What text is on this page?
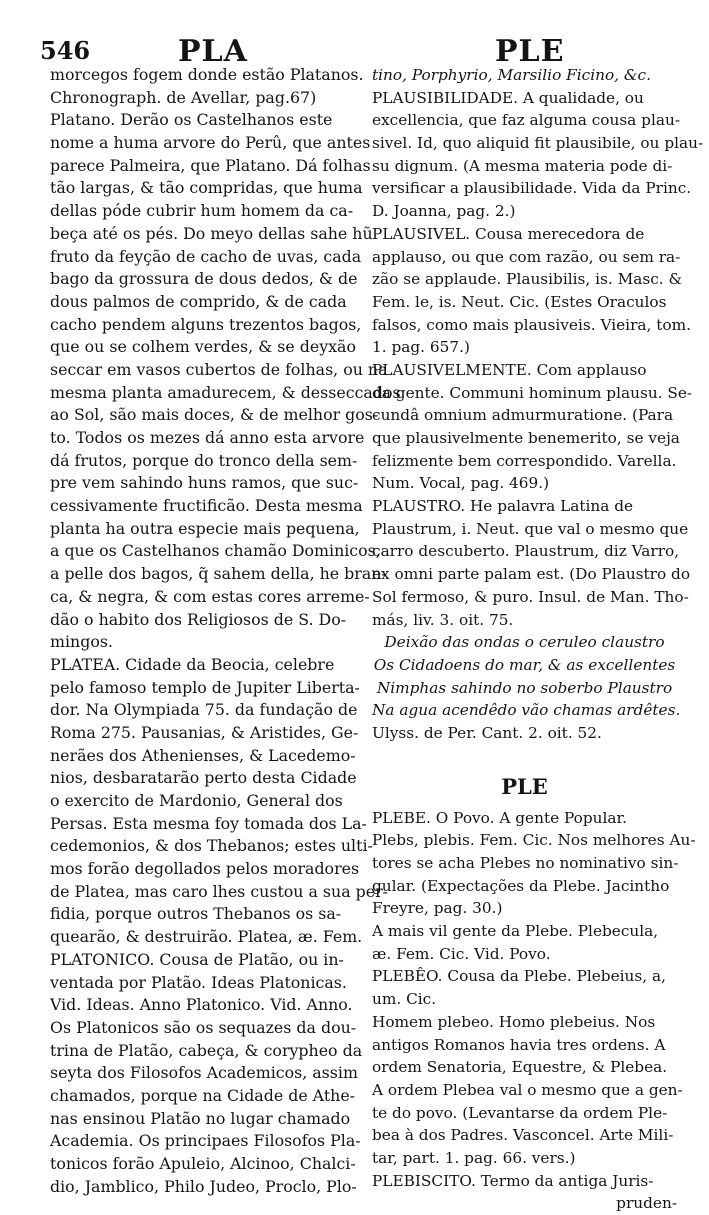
546	PLA	PLE
morcegos fogem donde estão Platanos.
Chronograph. de Avellar, pag.67)
Platano. Derão os Castelhanos este
nome a huma arvore do Perû, que antes
parece Palmeira, que Platano. Dá folhas
tão largas, & tão compridas, que huma
dellas póde cubrir hum homem da ca-
beça até os pés. Do meyo dellas sahe hũ
fruto da feyção de cacho de uvas, cada
bago da grossura de dous dedos, & de
dous palmos de comprido, & de cada
cacho pendem alguns trezentos bagos,
que ou se colhem verdes, & se deyxão
seccar em vasos cubertos de folhas, ou na
mesma planta amadurecem, & desseccados
ao Sol, são mais doces, & de melhor gos-
to. Todos os mezes dá anno esta arvore
dá frutos, porque do tronco della sem-
pre vem sahindo huns ramos, que suc-
cessivamente fructificão. Desta mesma
planta ha outra especie mais pequena,
a que os Castelhanos chamão Dominicos,
a pelle dos bagos, q̃ sahem della, he bran-
ca, & negra, & com estas cores arreme-
dão o habito dos Religiosos de S. Do-
mingos.
PLATEA. Cidade da Beocia, celebre
pelo famoso templo de Jupiter Liberta-
dor. Na Olympiada 75. da fundação de
Roma 275. Pausanias, & Aristides, Ge-
nerães dos Athenienses, & Lacedemo-
nios, desbaratarão perto desta Cidade
o exercito de Mardonio, General dos
Persas. Esta mesma foy tomada dos La-
cedemonios, & dos Thebanos; estes ulti-
mos forão degollados pelos moradores
de Platea, mas caro lhes custou a sua per-
fidia, porque outros Thebanos os sa-
quearão, & destruirão. Platea, æ. Fem.
PLATONICO. Cousa de Platão, ou in-
ventada por Platão. Ideas Platonicas.
Vid. Ideas. Anno Platonico. Vid. Anno.
Os Platonicos são os sequazes da dou-
trina de Platão, cabeça, & corypheo da
seyta dos Filosofos Academicos, assim
chamados, porque na Cidade de Athe-
nas ensinou Platão no lugar chamado
Academia. Os principaes Filosofos Pla-
tonicos forão Apuleio, Alcinoo, Chalci-
dio, Jamblico, Philo Judeo, Proclo, Plo-
tino, Porphyrio, Marsilio Ficino, &c.
PLAUSIBILIDADE. A qualidade, ou
excellencia, que faz alguma cousa plau-
sivel. Id, quo aliquid fit plausibile, ou plau-
su dignum. (A mesma materia pode di-
versificar a plausibilidade. Vida da Princ.
D. Joanna, pag. 2.)
PLAUSIVEL. Cousa merecedora de
applauso, ou que com razão, ou sem ra-
zão se applaude. Plausibilis, is. Masc. &
Fem. le, is. Neut. Cic. (Estes Oraculos
falsos, como mais plausiveis. Vieira, tom.
1. pag. 657.)
PLAUSIVELMENTE. Com applauso
da gente. Communi hominum plausu. Se-
cundâ omnium admurmuratione. (Para
que plausivelmente benemerito, se veja
felizmente bem correspondido. Varella.
Num. Vocal, pag. 469.)
PLAUSTRO. He palavra Latina de
Plaustrum, i. Neut. que val o mesmo que
carro descuberto. Plaustrum, diz Varro,
ex omni parte palam est. (Do Plaustro do
Sol fermoso, & puro. Insul. de Man. Tho-
más, liv. 3. oit. 75.
Deixão das ondas o ceruleo claustro
Os Cidadoens do mar, & as excellentes
Nimphas sahindo no soberbo Plaustro
Na agua acendêdo vão chamas ardêtes.
Ulyss. de Per. Cant. 2. oit. 52.
PLE
PLEBE. O Povo. A gente Popular.
Plebs, plebis. Fem. Cic. Nos melhores Au-
tores se acha Plebes no nominativo sin-
gular. (Expectações da Plebe. Jacintho
Freyre, pag. 30.)
A mais vil gente da Plebe. Plebecula,
æ. Fem. Cic. Vid. Povo.
PLEBÊO. Cousa da Plebe. Plebeius, a,
um. Cic.
Homem plebeo. Homo plebeius. Nos
antigos Romanos havia tres ordens. A
ordem Senatoria, Equestre, & Plebea.
A ordem Plebea val o mesmo que a gen-
te do povo. (Levantarse da ordem Ple-
bea à dos Padres. Vasconcel. Arte Mili-
tar, part. 1. pag. 66. vers.)
PLEBISCITO. Termo da antiga Juris-
pruden-
